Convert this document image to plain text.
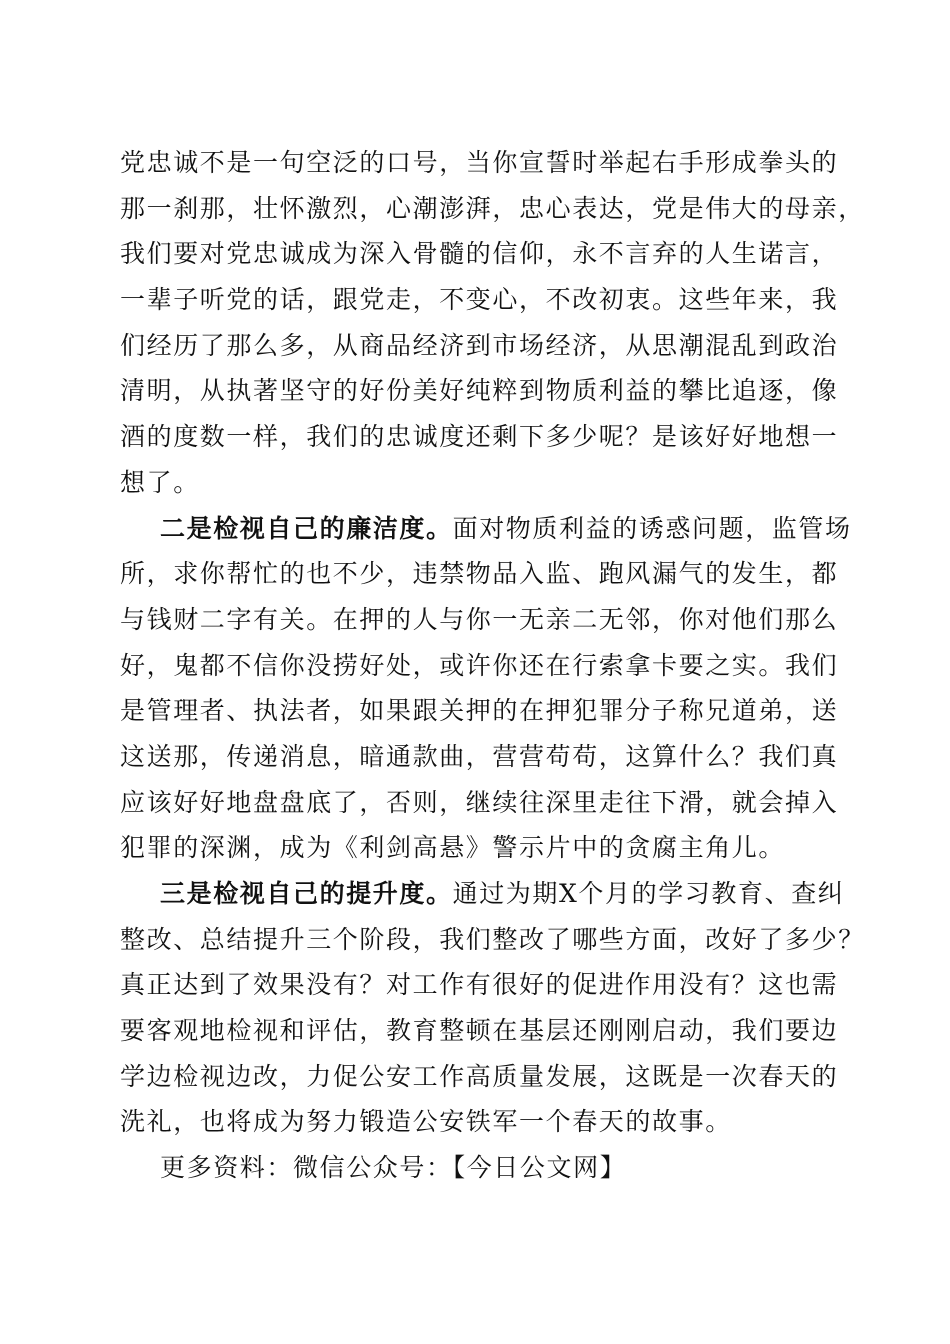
党忠诚不是一句空泛的口号，当你宣誓时举起右手形成拳头的
那一刹那，壮怀激烈，心潮澎湃，忠心表达，党是伟大的母亲，
我们要对党忠诚成为深入骨髓的信仰，永不言弃的人生诺言，
一辈子听党的话，跟党走，不变心，不改初衷。这些年来，我
们经历了那么多，从商品经济到市场经济，从思潮混乱到政治
清明，从执著坚守的好份美好纯粹到物质利益的攀比追逐，像
酒的度数一样，我们的忠诚度还剩下多少呢？是该好好地想一
想了。
二是检视自己的廉洁度。面对物质利益的诱惑问题，监管场
所，求你帮忙的也不少，违禁物品入监、跑风漏气的发生，都
与钱财二字有关。在押的人与你一无亲二无邻，你对他们那么
好，鬼都不信你没捞好处，或许你还在行索拿卡要之实。我们
是管理者、执法者，如果跟关押的在押犯罪分子称兄道弟，送
这送那，传递消息，暗通款曲，营营苟苟，这算什么？我们真
应该好好地盘盘底了，否则，继续往深里走往下滑，就会掉入
犯罪的深渊，成为《利剑高悬》警示片中的贪腐主角儿。
三是检视自己的提升度。通过为期X个月的学习教育、查纠
整改、总结提升三个阶段，我们整改了哪些方面，改好了多少？
真正达到了效果没有？对工作有很好的促进作用没有？这也需
要客观地检视和评估，教育整顿在基层还刚刚启动，我们要边
学边检视边改，力促公安工作高质量发展，这既是一次春天的
洗礼，也将成为努力锻造公安铁军一个春天的故事。
更多资料：微信公众号：【今日公文网】
